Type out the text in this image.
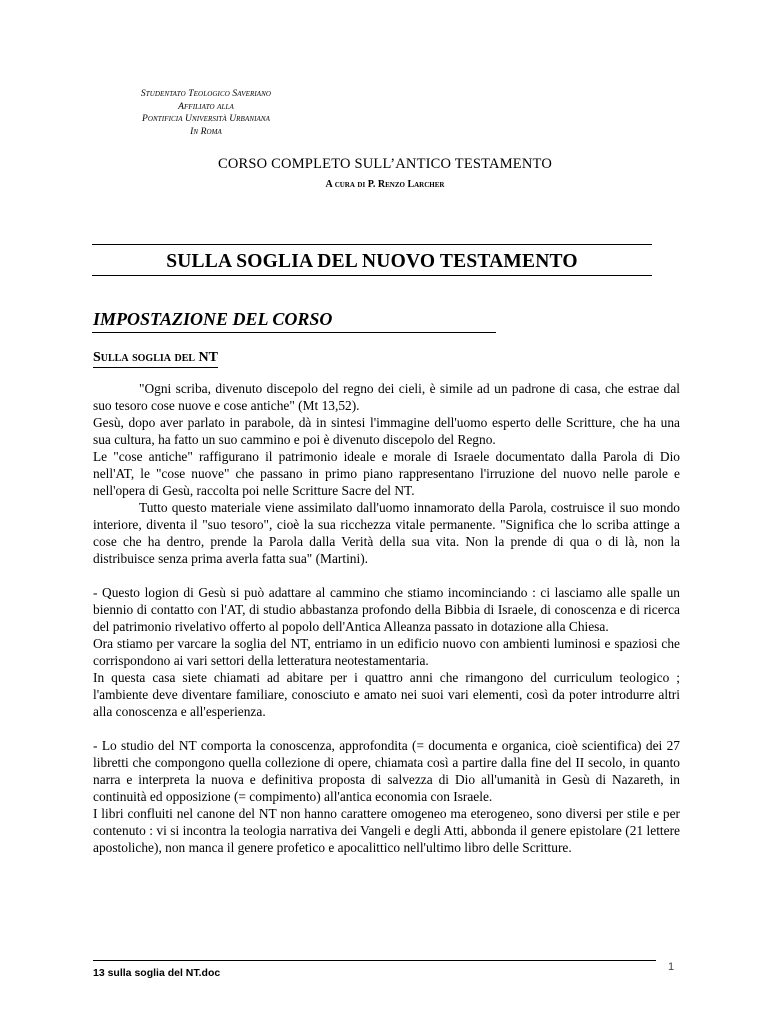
Studentato Teologico Saveriano
Affiliato alla
Pontificia Università Urbaniana
In Roma
CORSO COMPLETO SULL’ANTICO TESTAMENTO
A cura di P. Renzo Larcher
SULLA SOGLIA DEL NUOVO TESTAMENTO
IMPOSTAZIONE DEL CORSO
Sulla soglia del NT

"Ogni scriba, divenuto discepolo del regno dei cieli, è simile ad un padrone di casa, che estrae dal suo tesoro cose nuove e cose antiche" (Mt 13,52).

Gesù, dopo aver parlato in parabole, dà in sintesi l'immagine dell'uomo esperto delle Scritture, che ha una sua cultura, ha fatto un suo cammino e poi è divenuto discepolo del Regno.

Le "cose antiche" raffigurano il patrimonio ideale e morale di Israele documentato dalla Parola di Dio nell'AT, le "cose nuove" che passano in primo piano rappresentano l'irruzione del nuovo nelle parole e nell'opera di Gesù, raccolta poi nelle Scritture Sacre del NT.

Tutto questo materiale viene assimilato dall'uomo innamorato della Parola, costruisce il suo mondo interiore, diventa il "suo tesoro", cioè la sua ricchezza vitale permanente. "Significa che lo scriba attinge a cose che ha dentro, prende la Parola dalla Verità della sua vita. Non la prende di qua o di là, non la distribuisce senza prima averla fatta sua" (Martini).

- Questo logion di Gesù si può adattare al cammino che stiamo incominciando : ci lasciamo alle spalle un biennio di contatto con l'AT, di studio abbastanza profondo della Bibbia di Israele, di conoscenza e di ricerca del patrimonio rivelativo offerto al popolo dell'Antica Alleanza passato in dotazione alla Chiesa.

Ora stiamo per varcare la soglia del NT, entriamo in un edificio nuovo con ambienti luminosi e spaziosi che corrispondono ai vari settori della letteratura neotestamentaria.

In questa casa siete chiamati ad abitare per i quattro anni che rimangono del curriculum teologico ; l'ambiente deve diventare familiare, conosciuto e amato nei suoi vari elementi, così da poter introdurre altri alla conoscenza e all'esperienza.

- Lo studio del NT comporta la conoscenza, approfondita (= documenta e organica, cioè scientifica) dei 27 libretti che compongono quella collezione di opere, chiamata così a partire dalla fine del II secolo, in quanto narra e interpreta la nuova e definitiva proposta di salvezza di Dio all'umanità in Gesù di Nazareth, in continuità ed opposizione (= compimento) all'antica economia con Israele.

I libri confluiti nel canone del NT non hanno carattere omogeneo ma eterogeneo, sono diversi per stile e per contenuto : vi si incontra la teologia narrativa dei Vangeli e degli Atti, abbonda il genere epistolare (21 lettere apostoliche), non manca il genere profetico e apocalittico nell'ultimo libro delle Scritture.

13 sulla soglia del NT.doc	1
